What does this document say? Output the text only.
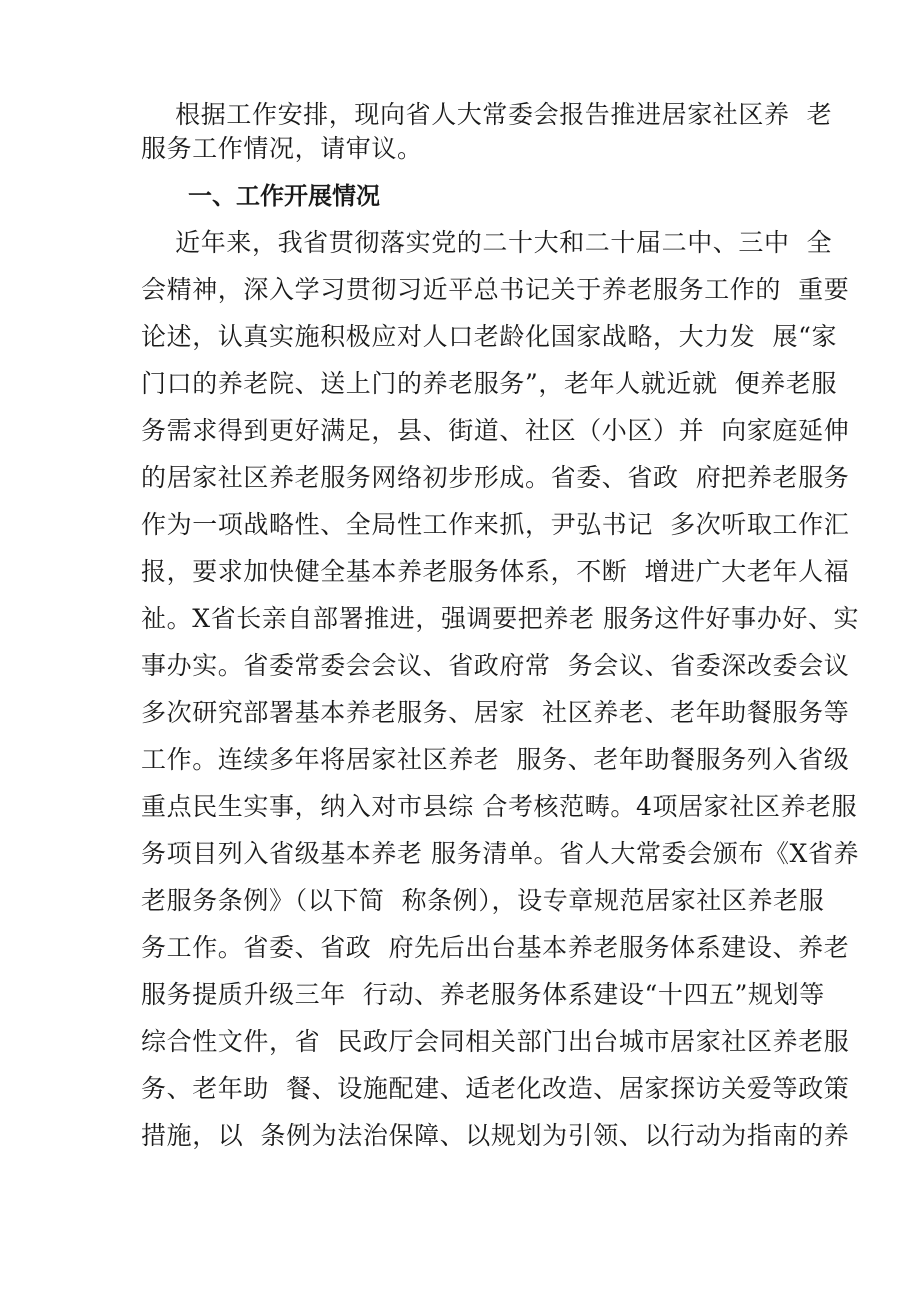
根据工作安排，现向省人大常委会报告推进居家社区养  老
服务工作情况，请审议。
一、工作开展情况
近年来，我省贯彻落实党的二十大和二十届二中、三中  全
会精神，深入学习贯彻习近平总书记关于养老服务工作的  重要
论述，认真实施积极应对人口老龄化国家战略，大力发  展“家
门口的养老院、送上门的养老服务”，老年人就近就  便养老服
务需求得到更好满足，县、街道、社区（小区）并  向家庭延伸
的居家社区养老服务网络初步形成。省委、省政  府把养老服务
作为一项战略性、全局性工作来抓，尹弘书记  多次听取工作汇
报，要求加快健全基本养老服务体系，不断  增进广大老年人福
祉。X省长亲自部署推进，强调要把养老 服务这件好事办好、实
事办实。省委常委会会议、省政府常  务会议、省委深改委会议
多次研究部署基本养老服务、居家  社区养老、老年助餐服务等
工作。连续多年将居家社区养老  服务、老年助餐服务列入省级
重点民生实事，纳入对市县综 合考核范畴。4项居家社区养老服
务项目列入省级基本养老 服务清单。省人大常委会颁布《X省养
老服务条例》（以下简  称条例），设专章规范居家社区养老服
务工作。省委、省政  府先后出台基本养老服务体系建设、养老
服务提质升级三年  行动、养老服务体系建设“十四五”规划等
综合性文件，省  民政厅会同相关部门出台城市居家社区养老服
务、老年助  餐、设施配建、适老化改造、居家探访关爱等政策
措施，以  条例为法治保障、以规划为引领、以行动为指南的养
